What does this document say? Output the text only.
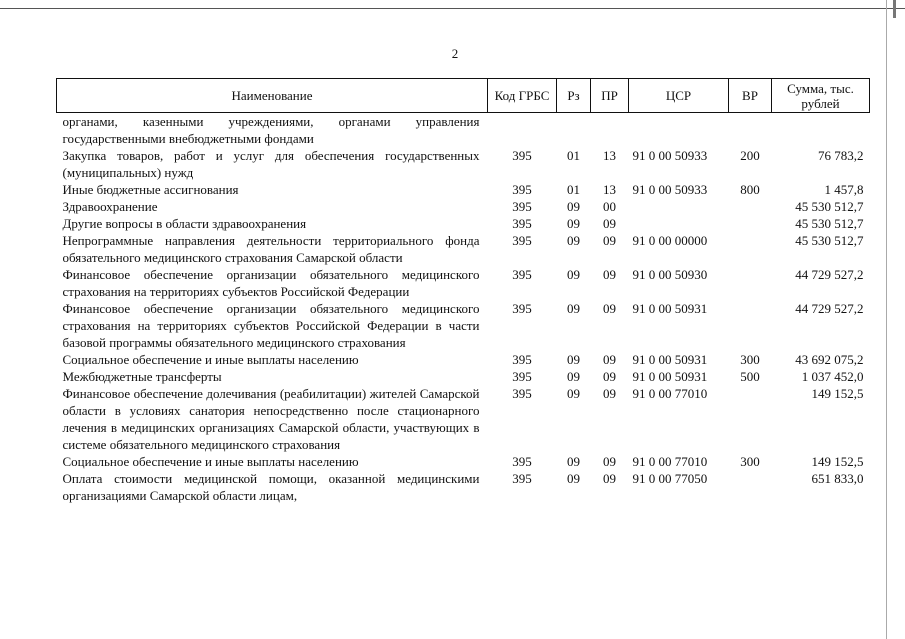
2
Наименование	Код ГРБС	Рз	ПР	ЦСР	ВР	Сумма, тыс. рублей
органами, казенными учреждениями, органами управления государственными внебюджетными фондами						
Закупка товаров, работ и услуг для обеспечения государственных (муниципальных) нужд	395	01	13	91 0 00 50933	200	76 783,2
Иные бюджетные ассигнования	395	01	13	91 0 00 50933	800	1 457,8
Здравоохранение	395	09	00			45 530 512,7
Другие вопросы в области здравоохранения	395	09	09			45 530 512,7
Непрограммные направления деятельности территориального фонда обязательного медицинского страхования Самарской области	395	09	09	91 0 00 00000		45 530 512,7
Финансовое обеспечение организации обязательного медицинского страхования на территориях субъектов Российской Федерации	395	09	09	91 0 00 50930		44 729 527,2
Финансовое обеспечение организации обязательного медицинского страхования на территориях субъектов Российской Федерации в части базовой программы обязательного медицинского страхования	395	09	09	91 0 00 50931		44 729 527,2
Социальное обеспечение и иные выплаты населению	395	09	09	91 0 00 50931	300	43 692 075,2
Межбюджетные трансферты	395	09	09	91 0 00 50931	500	1 037 452,0
Финансовое обеспечение долечивания (реабилитации) жителей Самарской области в условиях санатория непосредственно после стационарного лечения в медицинских организациях Самарской области, участвующих в системе обязательного медицинского страхования	395	09	09	91 0 00 77010		149 152,5
Социальное обеспечение и иные выплаты населению	395	09	09	91 0 00 77010	300	149 152,5
Оплата стоимости медицинской помощи, оказанной медицинскими организациями Самарской области лицам,	395	09	09	91 0 00 77050		651 833,0
